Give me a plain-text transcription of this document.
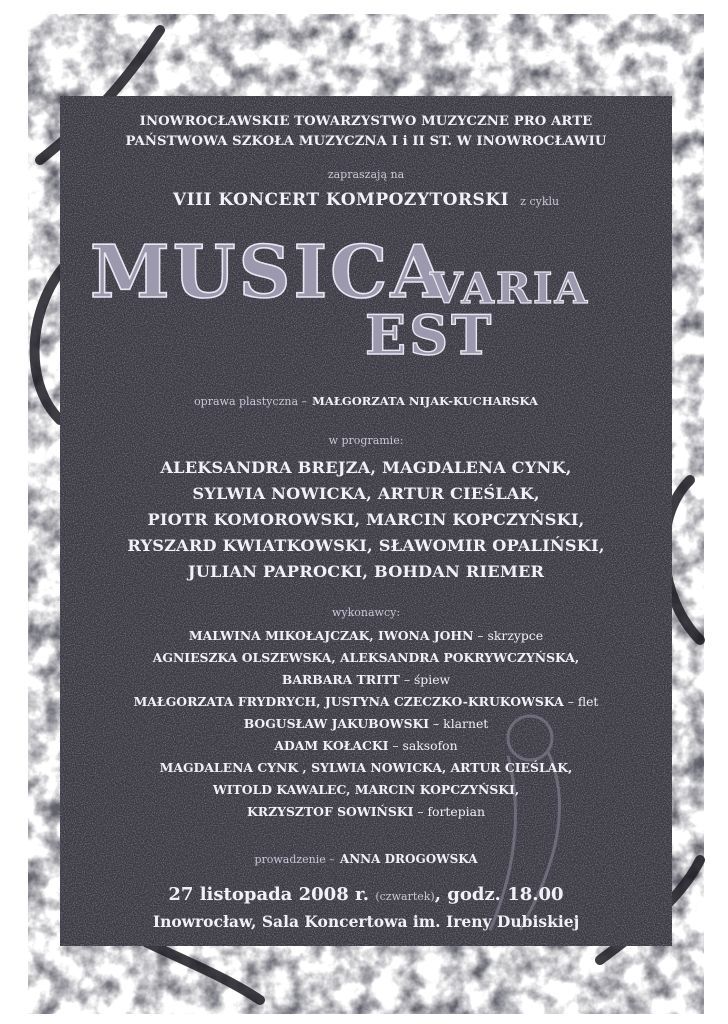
INOWROCŁAWSKIE TOWARZYSTWO MUZYCZNE PRO ARTE
PAŃSTWOWA SZKOŁA MUZYCZNA I i II ST. W INOWROCŁAWIU
zapraszają na
VIII KONCERT KOMPOZYTORSKI z cyklu
MUSICA
VARIA
EST
oprawa plastyczna – MAŁGORZATA NIJAK-KUCHARSKA
w programie:
ALEKSANDRA BREJZA, MAGDALENA CYNK,
SYLWIA NOWICKA, ARTUR CIEŚLAK,
PIOTR KOMOROWSKI, MARCIN KOPCZYŃSKI,
RYSZARD KWIATKOWSKI, SŁAWOMIR OPALIŃSKI,
JULIAN PAPROCKI, BOHDAN RIEMER
wykonawcy:
MALWINA MIKOŁAJCZAK, IWONA JOHN – skrzypce
AGNIESZKA OLSZEWSKA, ALEKSANDRA POKRYWCZYŃSKA,
BARBARA TRITT – śpiew
MAŁGORZATA FRYDRYCH, JUSTYNA CZECZKO-KRUKOWSKA – flet
BOGUSŁAW JAKUBOWSKI – klarnet
ADAM KOŁACKI – saksofon
MAGDALENA CYNK , SYLWIA NOWICKA, ARTUR CIEŚLAK,
WITOLD KAWALEC, MARCIN KOPCZYŃSKI,
KRZYSZTOF SOWIŃSKI – fortepian
prowadzenie – ANNA DROGOWSKA
27 listopada 2008 r. (czwartek), godz. 18.00
Inowrocław, Sala Koncertowa im. Ireny Dubiskiej
